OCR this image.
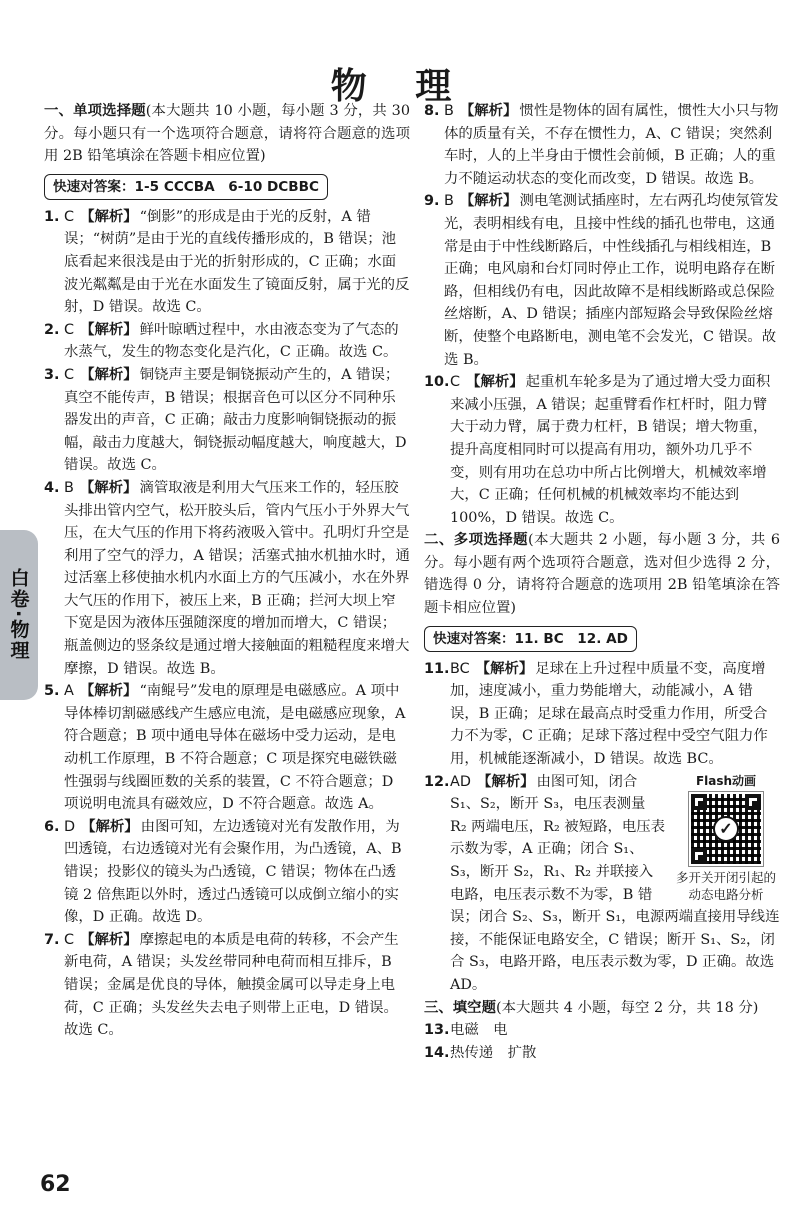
物 理
白卷·物理

一、单项选择题(本大题共 10 小题，每小题 3 分，共 30 分。每小题只有一个选项符合题意，请将符合题意的选项用 2B 铅笔填涂在答题卡相应位置)

快速对答案：1-5 CCCBA　6-10 DCBBC
1. C 【解析】 “倒影”的形成是由于光的反射，A 错误；“树荫”是由于光的直线传播形成的，B 错误；池底看起来很浅是由于光的折射形成的，C 正确；水面波光粼粼是由于光在水面发生了镜面反射，属于光的反射，D 错误。故选 C。
2. C 【解析】 鲜叶晾晒过程中，水由液态变为了气态的水蒸气，发生的物态变化是汽化，C 正确。故选 C。
3. C 【解析】 铜铙声主要是铜铙振动产生的，A 错误；真空不能传声，B 错误；根据音色可以区分不同种乐器发出的声音，C 正确；敲击力度影响铜铙振动的振幅，敲击力度越大，铜铙振动幅度越大，响度越大，D 错误。故选 C。
4. B 【解析】 滴管取液是利用大气压来工作的，轻压胶头排出管内空气，松开胶头后，管内气压小于外界大气压，在大气压的作用下将药液吸入管中。孔明灯升空是利用了空气的浮力，A 错误；活塞式抽水机抽水时，通过活塞上移使抽水机内水面上方的气压减小，水在外界大气压的作用下，被压上来，B 正确；拦河大坝上窄下宽是因为液体压强随深度的增加而增大，C 错误；瓶盖侧边的竖条纹是通过增大接触面的粗糙程度来增大摩擦，D 错误。故选 B。
5. A 【解析】 “南鲲号”发电的原理是电磁感应。A 项中导体棒切割磁感线产生感应电流，是电磁感应现象，A 符合题意；B 项中通电导体在磁场中受力运动，是电动机工作原理，B 不符合题意；C 项是探究电磁铁磁性强弱与线圈匝数的关系的装置，C 不符合题意；D 项说明电流具有磁效应，D 不符合题意。故选 A。
6. D 【解析】 由图可知，左边透镜对光有发散作用，为凹透镜，右边透镜对光有会聚作用，为凸透镜，A、B 错误；投影仪的镜头为凸透镜，C 错误；物体在凸透镜 2 倍焦距以外时，透过凸透镜可以成倒立缩小的实像，D 正确。故选 D。
7. C 【解析】 摩擦起电的本质是电荷的转移，不会产生新电荷，A 错误；头发丝带同种电荷而相互排斥，B 错误；金属是优良的导体，触摸金属可以导走身上电荷，C 正确；头发丝失去电子则带上正电，D 错误。故选 C。
8. B 【解析】 惯性是物体的固有属性，惯性大小只与物体的质量有关，不存在惯性力，A、C 错误；突然刹车时，人的上半身由于惯性会前倾，B 正确；人的重力不随运动状态的变化而改变，D 错误。故选 B。
9. B 【解析】 测电笔测试插座时，左右两孔均使氖管发光，表明相线有电，且接中性线的插孔也带电，这通常是由于中性线断路后，中性线插孔与相线相连，B 正确；电风扇和台灯同时停止工作，说明电路存在断路，但相线仍有电，因此故障不是相线断路或总保险丝熔断，A、D 错误；插座内部短路会导致保险丝熔断，使整个电路断电，测电笔不会发光，C 错误。故选 B。
10. C 【解析】 起重机车轮多是为了通过增大受力面积来减小压强，A 错误；起重臂看作杠杆时，阻力臂大于动力臂，属于费力杠杆，B 错误；增大物重，提升高度相同时可以提高有用功，额外功几乎不变，则有用功在总功中所占比例增大，机械效率增大，C 正确；任何机械的机械效率均不能达到 100%，D 错误。故选 C。

二、多项选择题(本大题共 2 小题，每小题 3 分，共 6 分。每小题有两个选项符合题意，选对但少选得 2 分，错选得 0 分，请将符合题意的选项用 2B 铅笔填涂在答题卡相应位置)

快速对答案：11. BC　12. AD
11. BC 【解析】 足球在上升过程中质量不变，高度增加，速度减小，重力势能增大，动能减小，A 错误，B 正确；足球在最高点时受重力作用，所受合力不为零，C 正确；足球下落过程中受空气阻力作用，机械能逐渐减小，D 错误。故选 BC。
12.	Flash动画
✓
多开关开闭引起的动态电路分析
AD 【解析】 由图可知，闭合 S₁、S₂，断开 S₃，电压表测量 R₂ 两端电压，R₂ 被短路，电压表示数为零，A 正确；闭合 S₁、S₃，断开 S₂，R₁、R₂ 并联接入电路，电压表示数不为零，B 错误；闭合 S₂、S₃，断开 S₁，电源两端直接用导线连接，不能保证电路安全，C 错误；断开 S₁、S₂，闭合 S₃，电路开路，电压表示数为零，D 正确。故选 AD。

三、填空题(本大题共 4 小题，每空 2 分，共 18 分)

13. 电磁　电
14. 热传递　扩散
62
